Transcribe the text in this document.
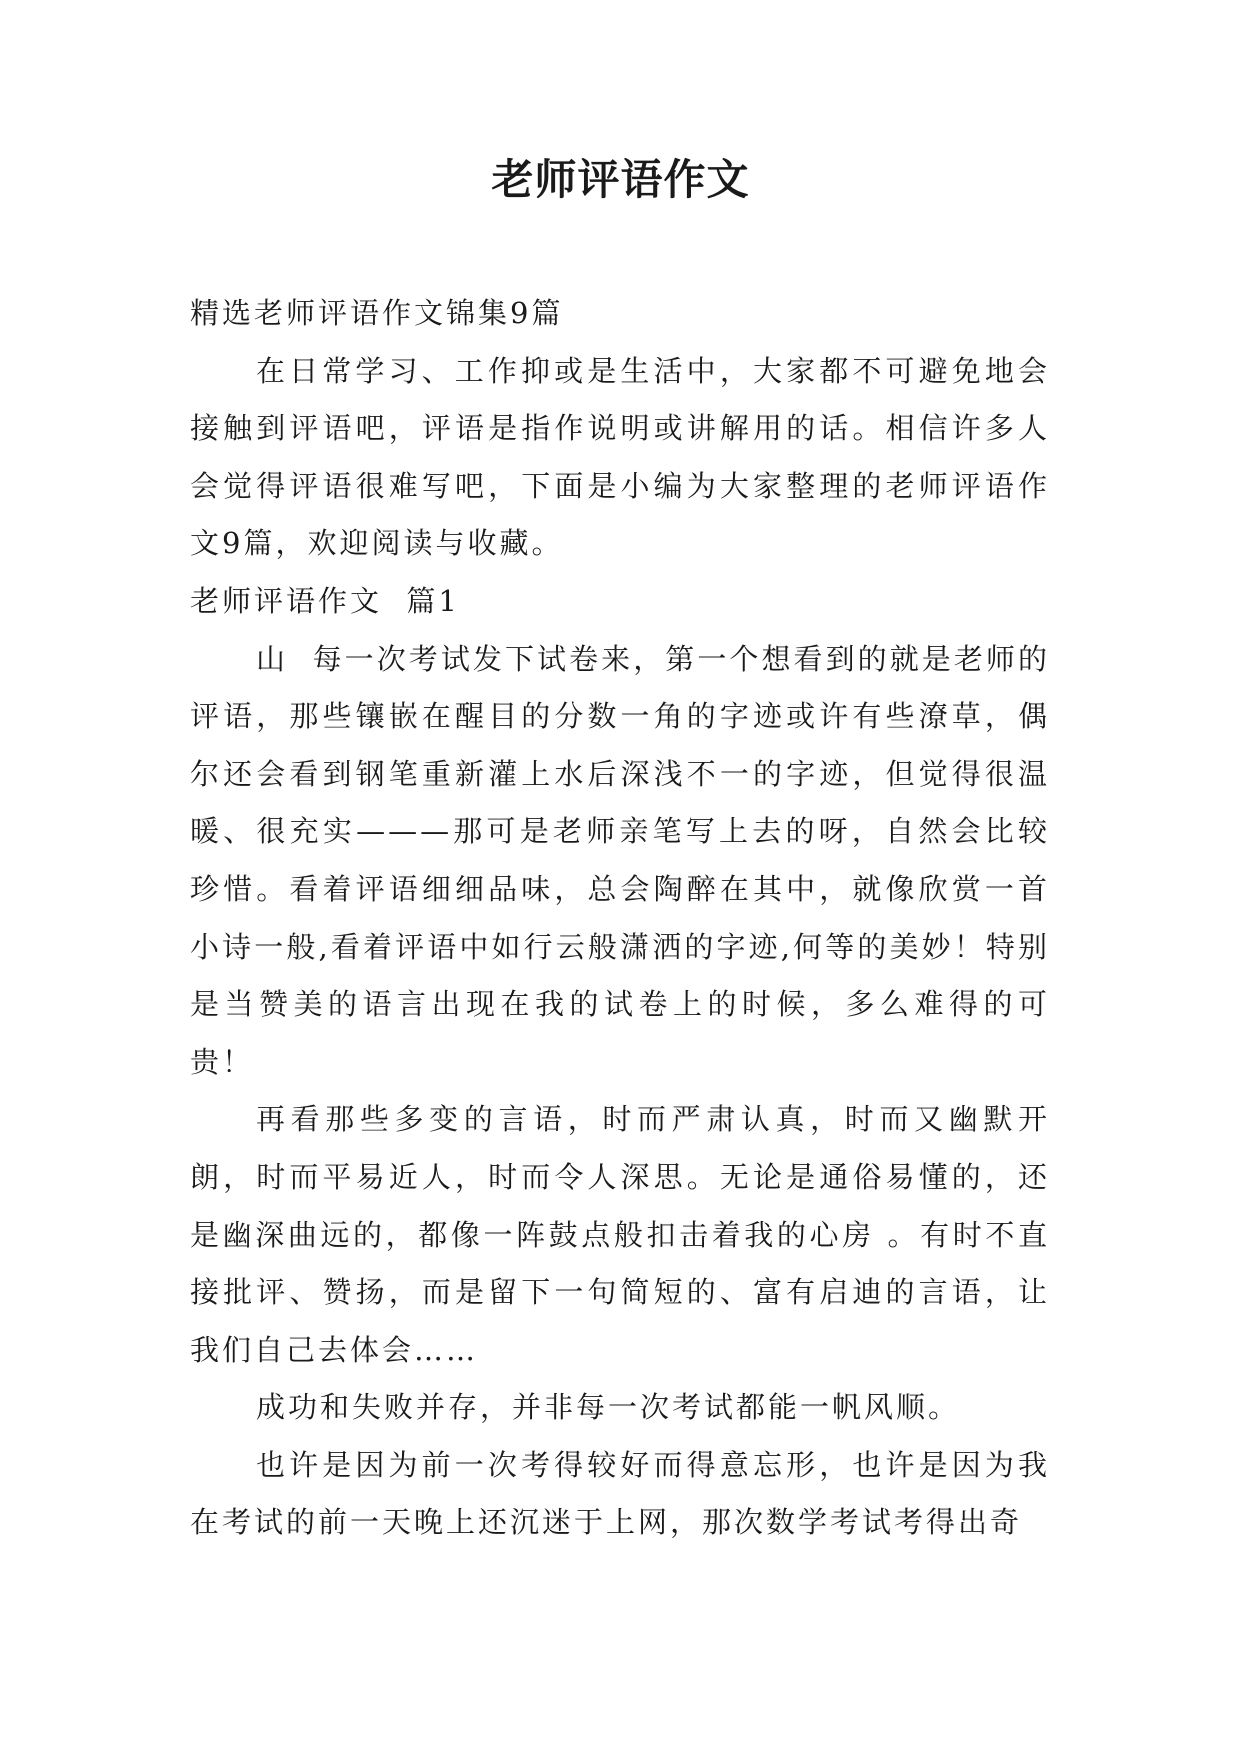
老师评语作文

精选老师评语作文锦集9篇

在日常学习、工作抑或是生活中，大家都不可避免地会接触到评语吧，评语是指作说明或讲解用的话。相信许多人会觉得评语很难写吧，下面是小编为大家整理的老师评语作文9篇，欢迎阅读与收藏。

老师评语作文  篇1

山  每一次考试发下试卷来，第一个想看到的就是老师的评语，那些镶嵌在醒目的分数一角的字迹或许有些潦草，偶尔还会看到钢笔重新灌上水后深浅不一的字迹，但觉得很温暖、很充实———那可是老师亲笔写上去的呀，自然会比较珍惜。看着评语细细品味，总会陶醉在其中，就像欣赏一首小诗一般,看着评语中如行云般潇洒的字迹,何等的美妙！特别是当赞美的语言出现在我的试卷上的时候，多么难得的可贵！

再看那些多变的言语，时而严肃认真，时而又幽默开朗，时而平易近人，时而令人深思。无论是通俗易懂的，还是幽深曲远的，都像一阵鼓点般扣击着我的心房 。有时不直接批评、赞扬，而是留下一句简短的、富有启迪的言语，让我们自己去体会……

成功和失败并存，并非每一次考试都能一帆风顺。

也许是因为前一次考得较好而得意忘形，也许是因为我在考试的前一天晚上还沉迷于上网，那次数学考试考得出奇
